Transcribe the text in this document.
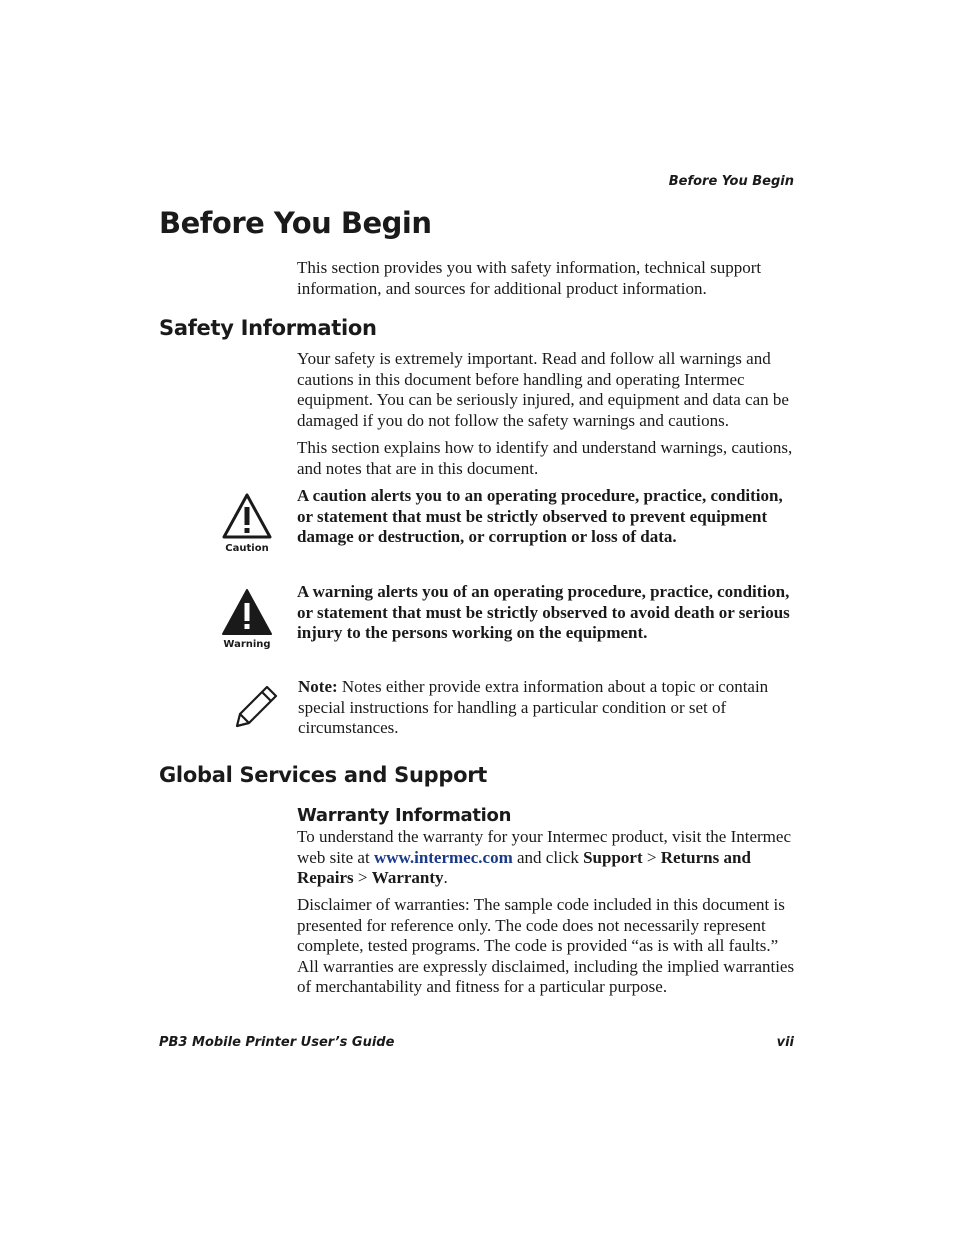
Before You Begin
Before You Begin

This section provides you with safety information, technical support information, and sources for additional product information.

Safety Information

Your safety is extremely important. Read and follow all warnings and cautions in this document before handling and operating Intermec equipment. You can be seriously injured, and equipment and data can be damaged if you do not follow the safety warnings and cautions.

This section explains how to identify and understand warnings, cautions, and notes that are in this document.

Caution

A caution alerts you to an operating procedure, practice, condition, or statement that must be strictly observed to prevent equipment damage or destruction, or corruption or loss of data.

Warning

A warning alerts you of an operating procedure, practice, condition, or statement that must be strictly observed to avoid death or serious injury to the persons working on the equipment.

Note: Notes either provide extra information about a topic or contain special instructions for handling a particular condition or set of circumstances.

Global Services and Support
Warranty Information

To understand the warranty for your Intermec product, visit the Intermec web site at www.intermec.com and click Support > Returns and Repairs > Warranty.

Disclaimer of warranties: The sample code included in this document is presented for reference only. The code does not necessarily represent complete, tested programs. The code is provided “as is with all faults.” All warranties are expressly disclaimed, including the implied warranties of merchantability and fitness for a particular purpose.

PB3 Mobile Printer User’s Guide	vii
